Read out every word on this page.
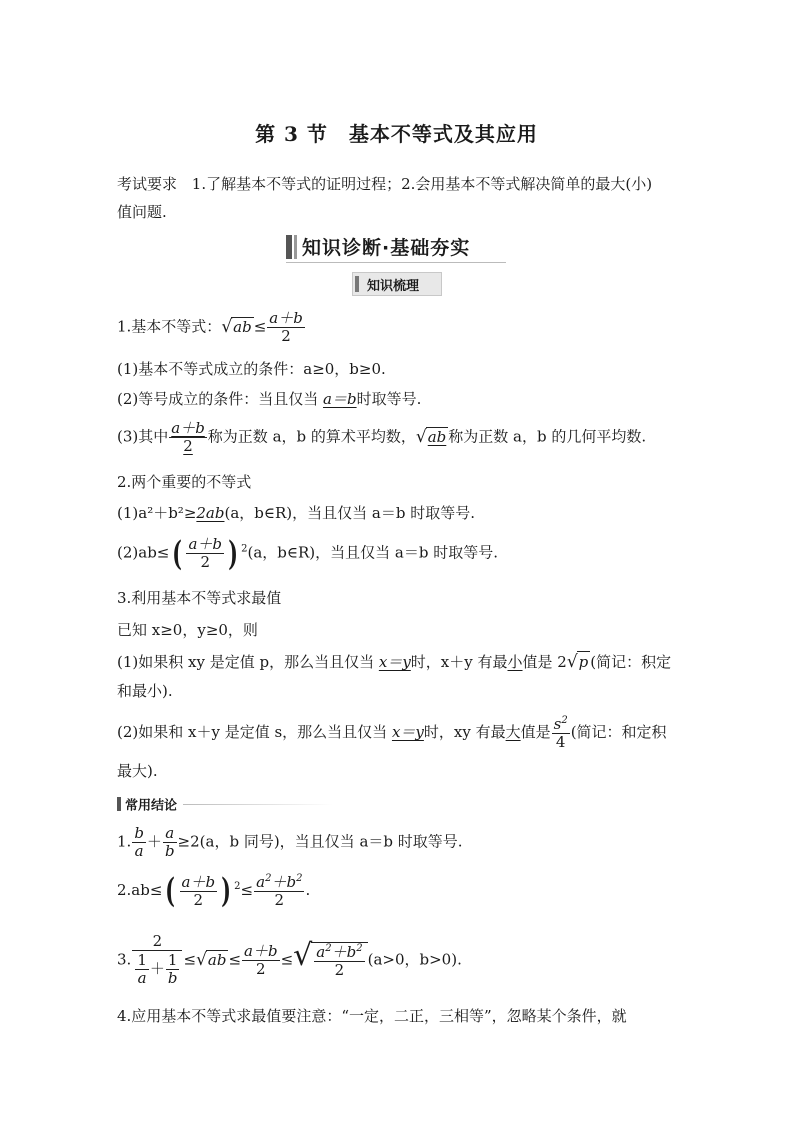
第 3 节　基本不等式及其应用
考试要求 1.了解基本不等式的证明过程；2.会用基本不等式解决简单的最大(小)
值问题.
知识诊断·基础夯实
知识梳理
1.基本不等式：$√ab \le \frac{a+b}{2}$
(1)基本不等式成立的条件：a≥0，b≥0.
(2)等号成立的条件：当且仅当 a＝b时取等号.
(3)其中 $\frac{a+b}{2}$ 称为正数 a，b 的算术平均数，√ab 称为正数 a，b 的几何平均数.
2.两个重要的不等式
(1)a²＋b²≥2ab(a，b∈R)，当且仅当 a＝b 时取等号.
$(2)ab\le( \frac{a+b}{2}$ ) $^2$(a，b∈R)，当且仅当 a＝b 时取等号.
3.利用基本不等式求最值
已知 x≥0，y≥0，则
(1)如果积 xy 是定值 p，那么当且仅当 x＝y时，x＋y 有最小值是 2√p (简记：积定
和最小).
(2)如果和 x＋y 是定值 s，那么当且仅当 x＝y时，xy 有最大值是 $\frac{s^2}{4}$ (简记：和定积
最大).
常用结论
1. $\frac{b}{a} + \frac{a}{b} \ge 2(a$，b 同号)，当且仅当 a＝b 时取等号.
$2.ab\le( \frac{a+b}{2}$ ) $^2\le \frac{a^2+b^2}{2}$ .
3. $\frac{2}{\frac{1}{a} + \frac{1}{b}} \le√ab \le \frac{a+b}{2}$ ≤√ $\frac{a^2+b^2}{2} (a>0$，b>0).
4.应用基本不等式求最值要注意：“一定，二正，三相等”，忽略某个条件，就
